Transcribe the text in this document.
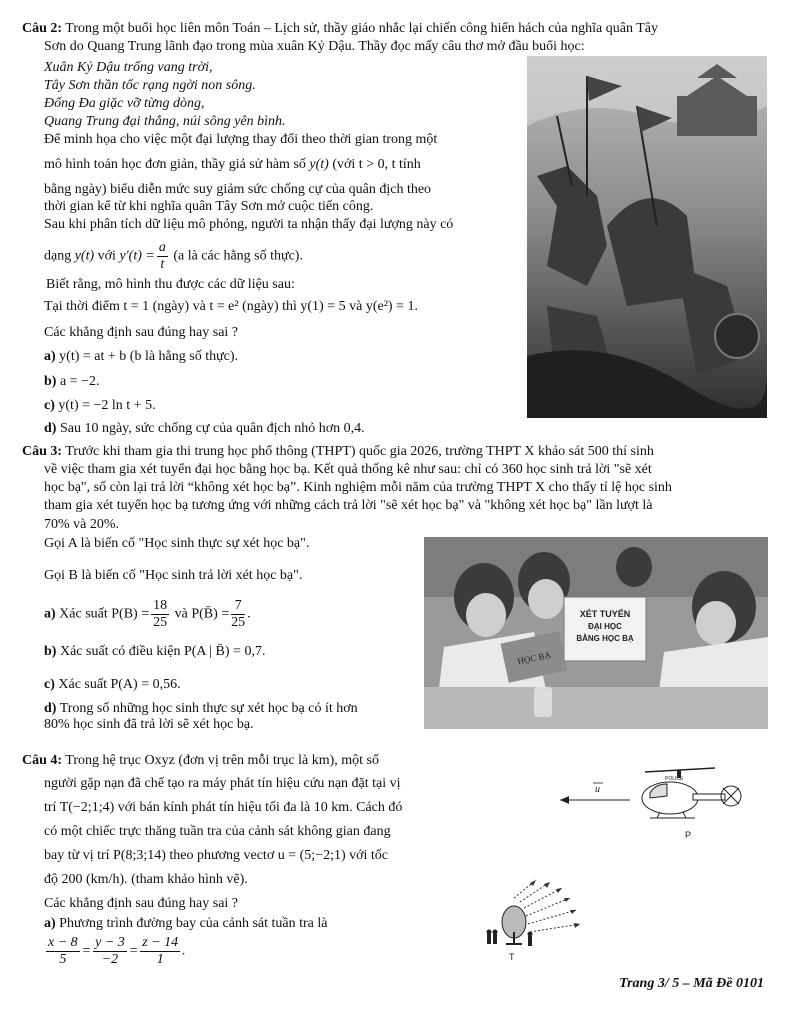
Câu 2: Trong một buổi học liên môn Toán – Lịch sử, thầy giáo nhắc lại chiến công hiển hách của nghĩa quân Tây
Sơn do Quang Trung lãnh đạo trong mùa xuân Kỷ Dậu. Thầy đọc mấy câu thơ mở đầu buổi học:
Xuân Kỷ Dậu trống vang trời,
Tây Sơn thần tốc rạng ngời non sông.
Đống Đa giặc vỡ từng dòng,
Quang Trung đại thắng, núi sông yên bình.
Để minh họa cho việc một đại lượng thay đổi theo thời gian trong một
mô hình toán học đơn giản, thầy giả sử hàm số y(t) (với t > 0, t tính
bằng ngày) biểu diễn mức suy giảm sức chống cự của quân địch theo
thời gian kể từ khi nghĩa quân Tây Sơn mở cuộc tiến công.
Sau khi phân tích dữ liệu mô phỏng, người ta nhận thấy đại lượng này có
dạng y(t) với $y'(t) = \frac{a}{t} (a$ là các hằng số thực).
Biết rằng, mô hình thu được các dữ liệu sau:
Tại thời điểm t = 1 (ngày) và t = e² (ngày) thì y(1) = 5 và y(e²) = 1.
Các khẳng định sau đúng hay sai ?
a) y(t) = at + b (b là hằng số thực).
b) a = −2.
c) y(t) = −2 ln t + 5.
d) Sau 10 ngày, sức chống cự của quân địch nhỏ hơn 0,4.
Câu 3: Trước khi tham gia thi trung học phổ thông (THPT) quốc gia 2026, trường THPT X khảo sát 500 thí sinh
về việc tham gia xét tuyển đại học bằng học bạ. Kết quả thống kê như sau: chỉ có 360 học sinh trả lời "sẽ xét
học bạ", số còn lại trả lời “không xét học bạ”. Kinh nghiệm mỗi năm của trường THPT X cho thấy tỉ lệ học sinh
tham gia xét tuyển học bạ tương ứng với những cách trả lời "sẽ xét học bạ" và "không xét học bạ" lần lượt là
70% và 20%.
Gọi A là biến cố "Học sinh thực sự xét học bạ".
Gọi B là biến cố "Học sinh trả lời xét học bạ".
a) Xác suất $P(B) = \frac{18}{25}$ và P(B̄) = $\frac{7}{25}$ .
b) Xác suất có điều kiện P(A | B̄) = 0,7.
c) Xác suất P(A) = 0,56.
d) Trong số những học sinh thực sự xét học bạ có ít hơn
80% học sinh đã trả lời sẽ xét học bạ.
HỌC BẠ
XÉT TUYỂN
ĐẠI HỌC
BẰNG HỌC BẠ
Câu 4: Trong hệ trục Oxyz (đơn vị trên mỗi trục là km), một số
người gặp nạn đã chế tạo ra máy phát tín hiệu cứu nạn đặt tại vị
trí T(−2;1;4) với bán kính phát tín hiệu tối đa là 10 km. Cách đó
có một chiếc trực thăng tuần tra của cảnh sát không gian đang
bay từ vị trí P(8;3;14) theo phương vectơ u = (5;−2;1) với tốc
độ 200 (km/h). (tham khảo hình vẽ).
Các khẳng định sau đúng hay sai ?
a) Phương trình đường bay của cảnh sát tuần tra là
$\frac{x - 8}{5} = \frac{y - 3}{-2} = \frac{z - 14}{1}$ .
u
POLICE
P
T
Trang 3/ 5 – Mã Đề 0101
